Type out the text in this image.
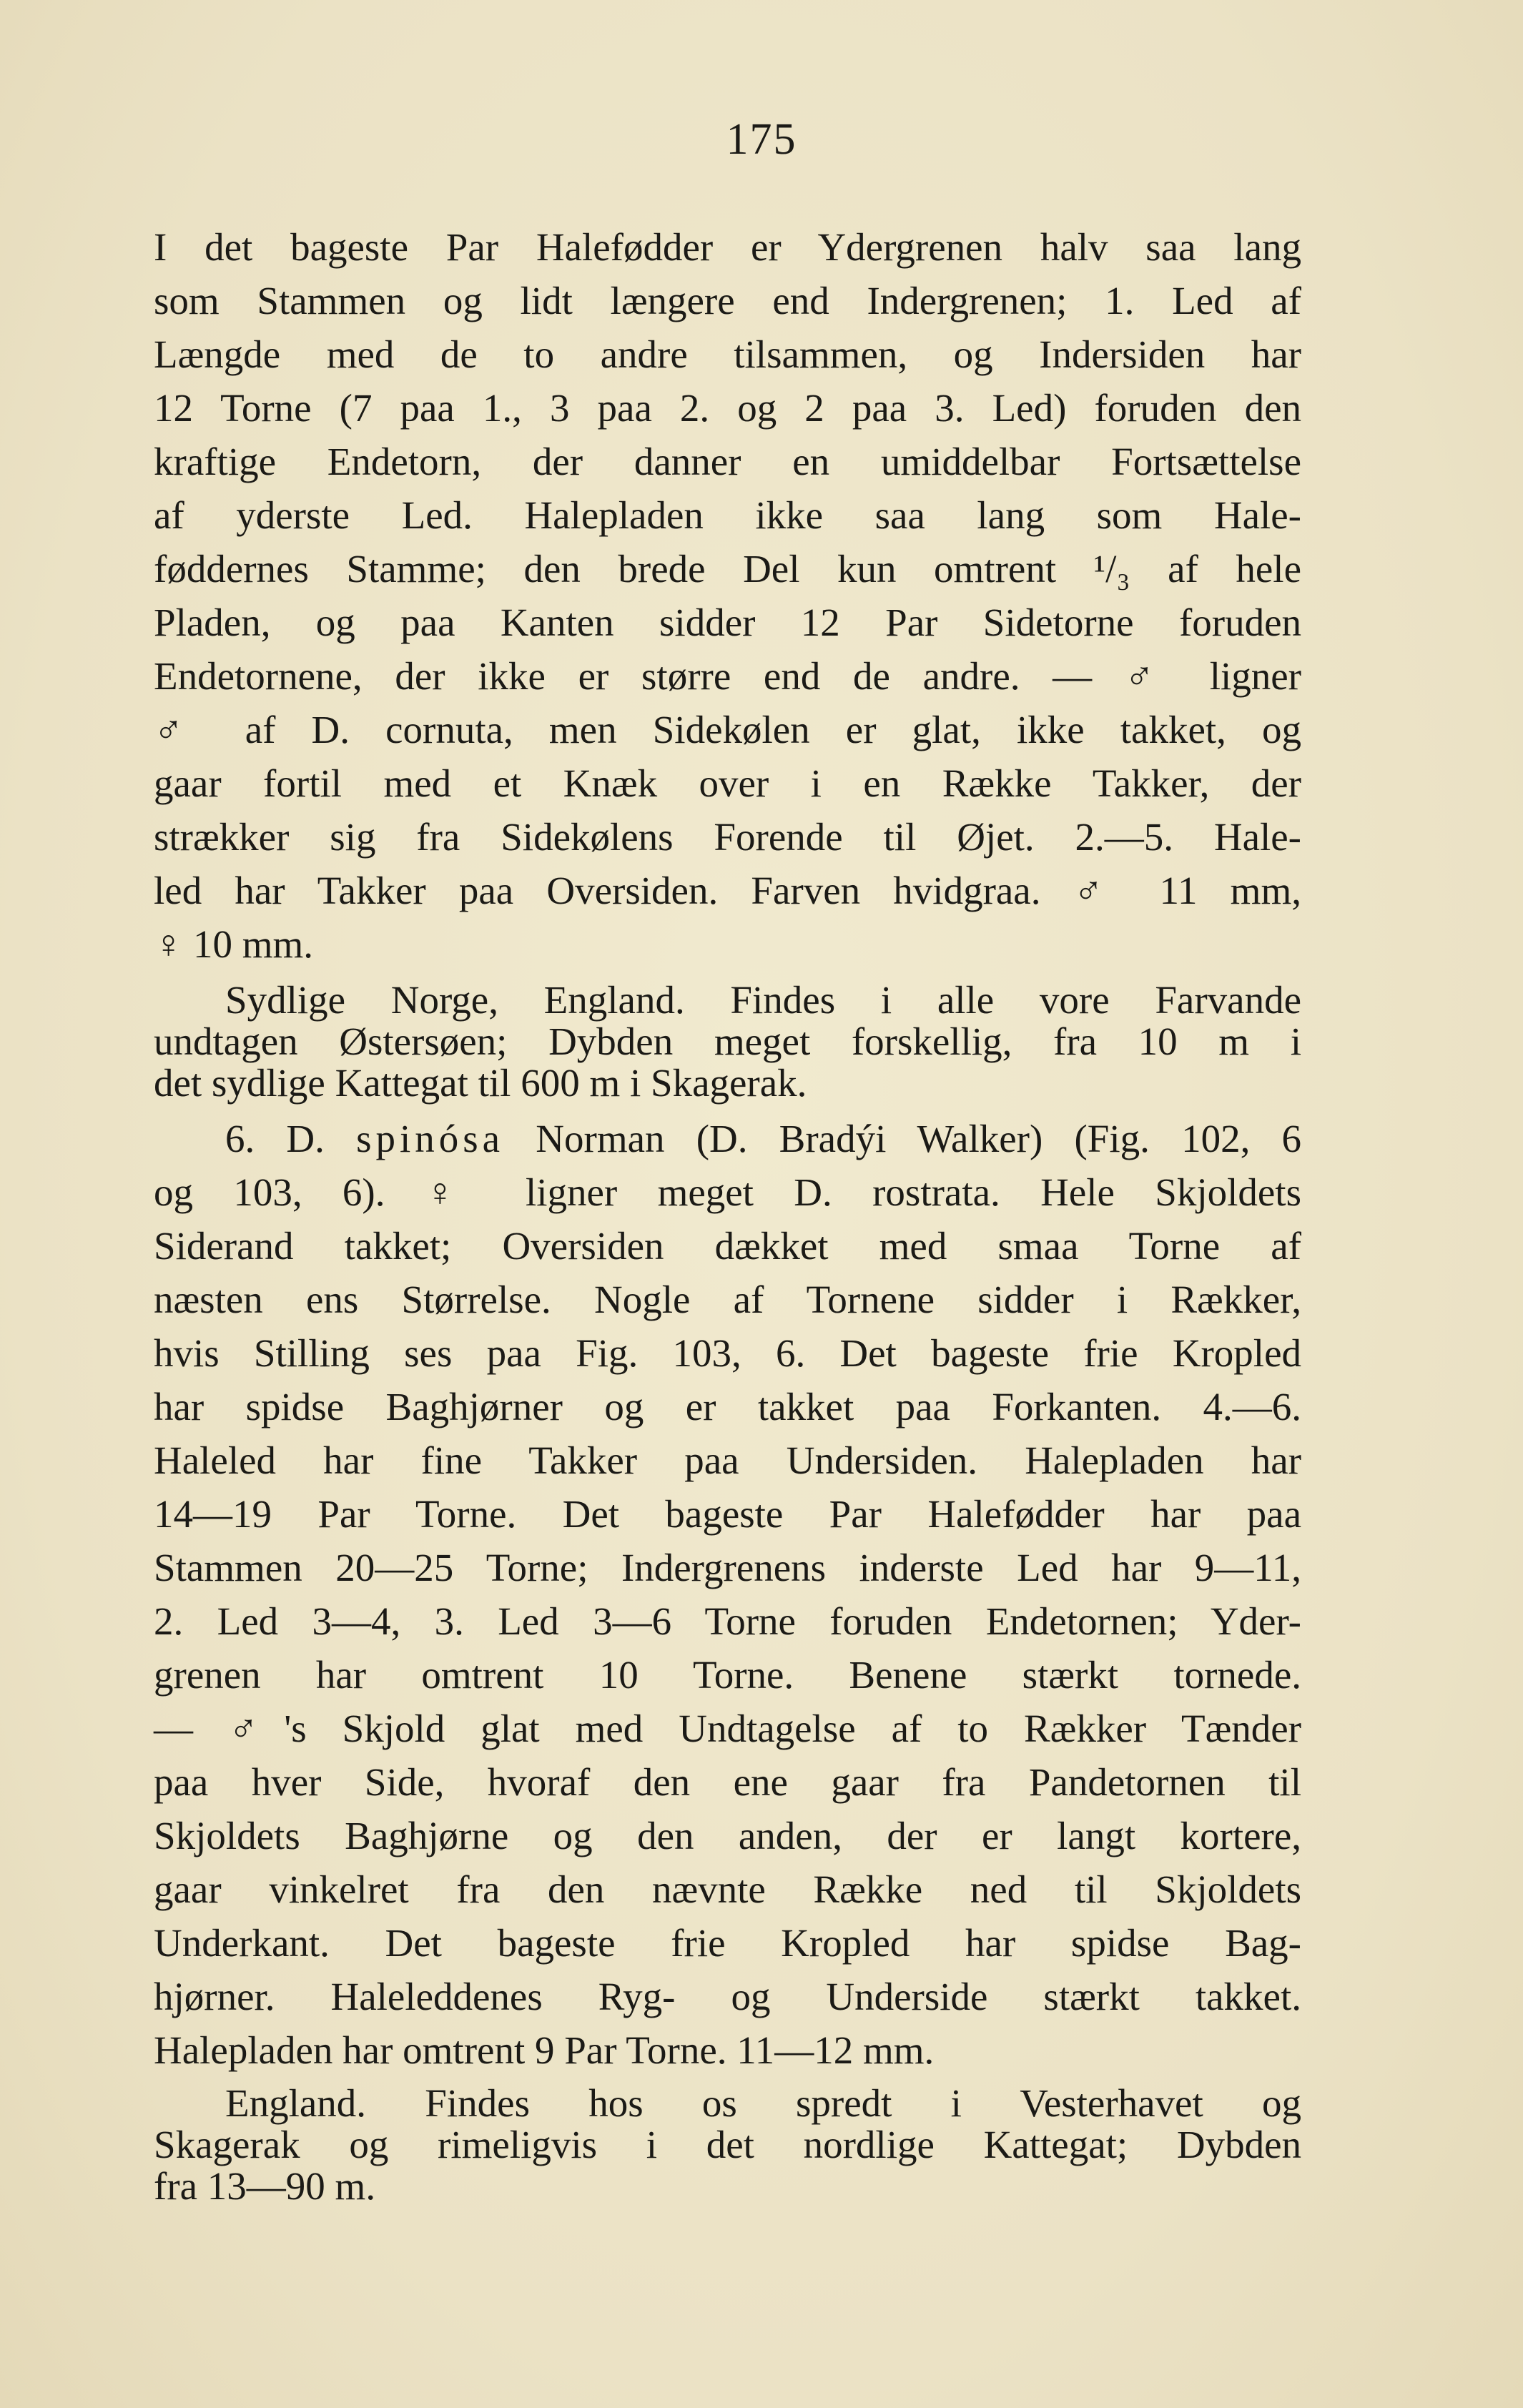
175
I det bageste Par Halefødder er Ydergrenen halv saa lang
som Stammen og lidt længere end Indergrenen; 1. Led af
Længde med de to andre tilsammen, og Indersiden har
12 Torne (7 paa 1., 3 paa 2. og 2 paa 3. Led) foruden den
kraftige Endetorn, der danner en umiddelbar Fortsættelse
af yderste Led. Halepladen ikke saa lang som Hale-
føddernes Stamme; den brede Del kun omtrent ¹/₃ af hele
Pladen, og paa Kanten sidder 12 Par Sidetorne foruden
Endetornene, der ikke er større end de andre. — ♂ ligner
♂ af D. cornuta, men Sidekølen er glat, ikke takket, og
gaar fortil med et Knæk over i en Række Takker, der
strækker sig fra Sidekølens Forende til Øjet. 2.—5. Hale-
led har Takker paa Oversiden. Farven hvidgraa. ♂ 11 mm,
♀ 10 mm.
Sydlige Norge, England. Findes i alle vore Farvande
undtagen Østersøen; Dybden meget forskellig, fra 10 m i
det sydlige Kattegat til 600 m i Skagerak.
6. D. spinósa Norman (D. Bradýi Walker) (Fig. 102, 6
og 103, 6). ♀ ligner meget D. rostrata. Hele Skjoldets
Siderand takket; Oversiden dækket med smaa Torne af
næsten ens Størrelse. Nogle af Tornene sidder i Rækker,
hvis Stilling ses paa Fig. 103, 6. Det bageste frie Kropled
har spidse Baghjørner og er takket paa Forkanten. 4.—6.
Haleled har fine Takker paa Undersiden. Halepladen har
14—19 Par Torne. Det bageste Par Halefødder har paa
Stammen 20—25 Torne; Indergrenens inderste Led har 9—11,
2. Led 3—4, 3. Led 3—6 Torne foruden Endetornen; Yder-
grenen har omtrent 10 Torne. Benene stærkt tornede.
— ♂'s Skjold glat med Undtagelse af to Rækker Tænder
paa hver Side, hvoraf den ene gaar fra Pandetornen til
Skjoldets Baghjørne og den anden, der er langt kortere,
gaar vinkelret fra den nævnte Række ned til Skjoldets
Underkant. Det bageste frie Kropled har spidse Bag-
hjørner. Haleleddenes Ryg- og Underside stærkt takket.
Halepladen har omtrent 9 Par Torne. 11—12 mm.
England. Findes hos os spredt i Vesterhavet og
Skagerak og rimeligvis i det nordlige Kattegat; Dybden
fra 13—90 m.
